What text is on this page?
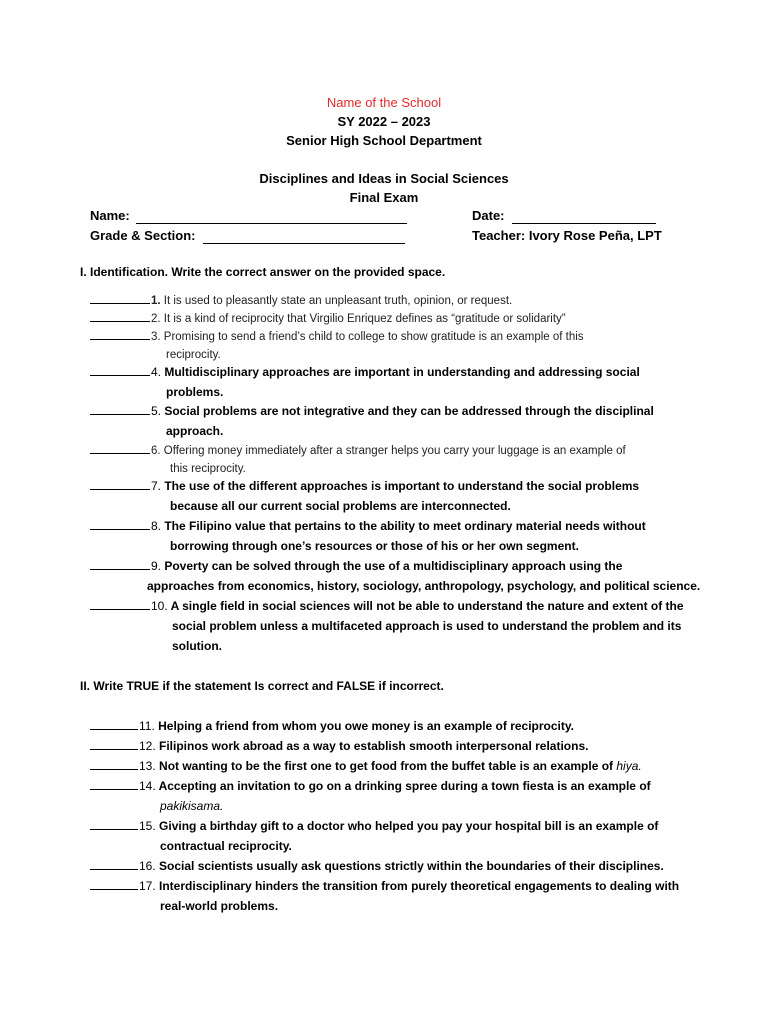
Name of the School
SY 2022 – 2023
Senior High School Department
Disciplines and Ideas in Social Sciences
Final Exam
Name:	Date:
Grade & Section:	Teacher: Ivory Rose Peña, LPT
I. Identification. Write the correct answer on the provided space.
1. It is used to pleasantly state an unpleasant truth, opinion, or request.
2. It is a kind of reciprocity that Virgilio Enriquez defines as “gratitude or solidarity”
3. Promising to send a friend’s child to college to show gratitude is an example of this
reciprocity.
4. Multidisciplinary approaches are important in understanding and addressing social
problems.
5. Social problems are not integrative and they can be addressed through the disciplinal
approach.
6. Offering money immediately after a stranger helps you carry your luggage is an example of
this reciprocity.
7. The use of the different approaches is important to understand the social problems
because all our current social problems are interconnected.
8. The Filipino value that pertains to the ability to meet ordinary material needs without
borrowing through one’s resources or those of his or her own segment.
9. Poverty can be solved through the use of a multidisciplinary approach using the
approaches from economics, history, sociology, anthropology, psychology, and political science.
10. A single field in social sciences will not be able to understand the nature and extent of the
social problem unless a multifaceted approach is used to understand the problem and its
solution.
II. Write TRUE if the statement Is correct and FALSE if incorrect.
11. Helping a friend from whom you owe money is an example of reciprocity.
12. Filipinos work abroad as a way to establish smooth interpersonal relations.
13. Not wanting to be the first one to get food from the buffet table is an example of hiya.
14. Accepting an invitation to go on a drinking spree during a town fiesta is an example of
pakikisama.
15. Giving a birthday gift to a doctor who helped you pay your hospital bill is an example of
contractual reciprocity.
16. Social scientists usually ask questions strictly within the boundaries of their disciplines.
17. Interdisciplinary hinders the transition from purely theoretical engagements to dealing with
real-world problems.
